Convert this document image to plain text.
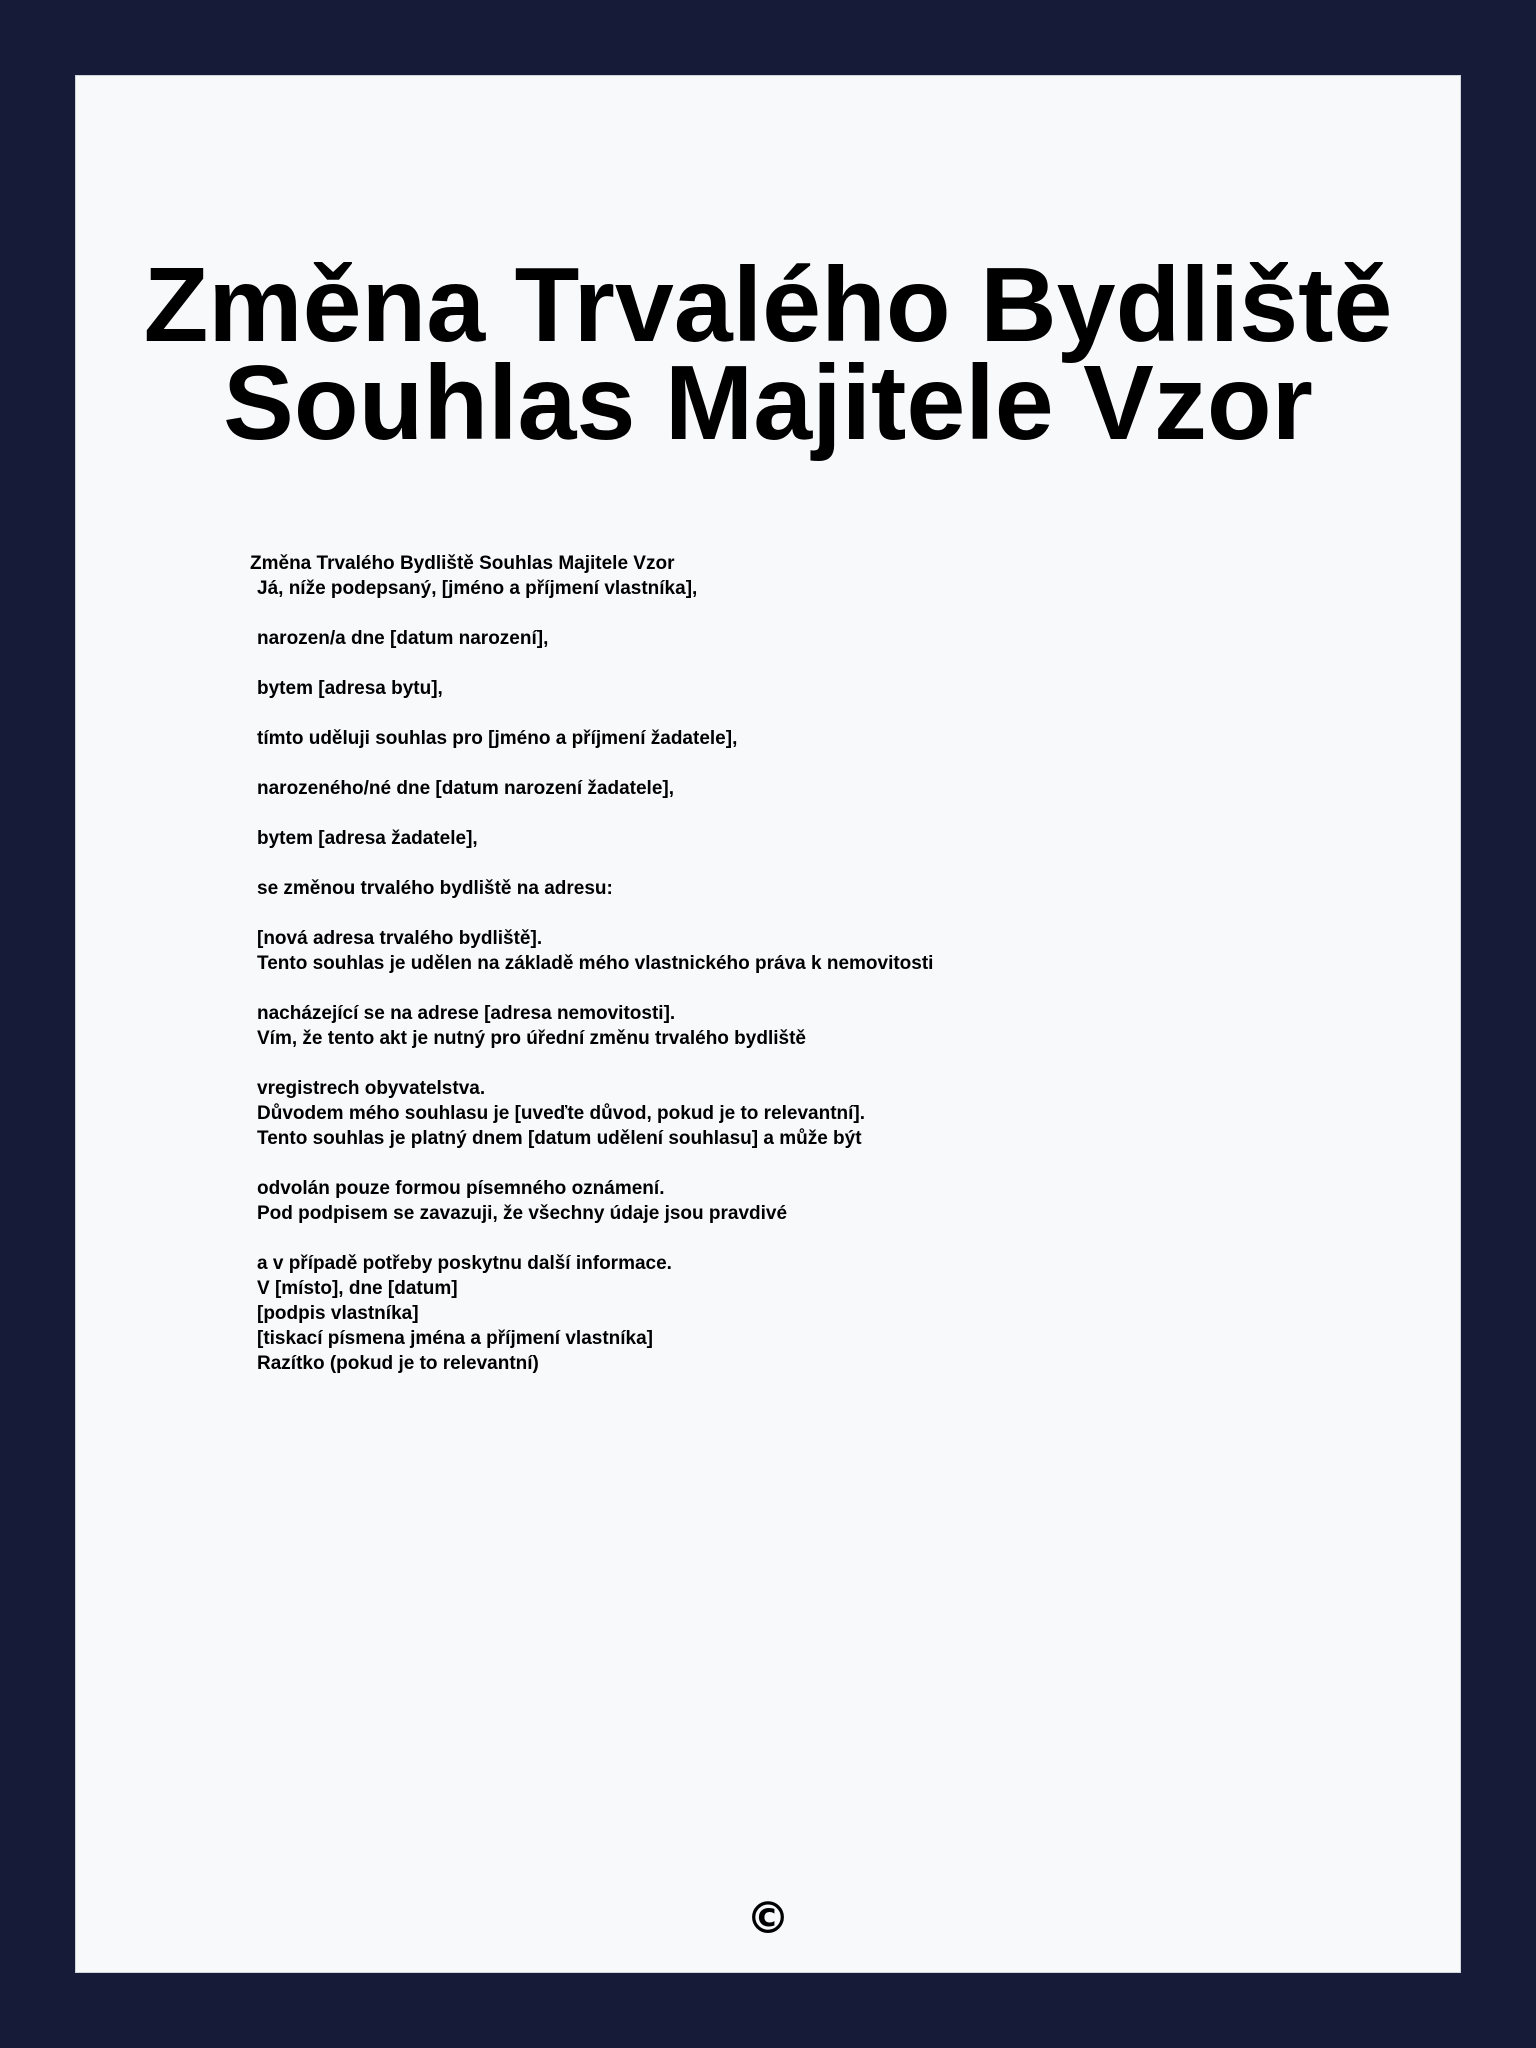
Změna Trvalého Bydliště
Souhlas Majitele Vzor
Změna Trvalého Bydliště Souhlas Majitele Vzor
Já, níže podepsaný, [jméno a příjmení vlastníka],
narozen/a dne [datum narození],
bytem [adresa bytu],
tímto uděluji souhlas pro [jméno a příjmení žadatele],
narozeného/né dne [datum narození žadatele],
bytem [adresa žadatele],
se změnou trvalého bydliště na adresu:
[nová adresa trvalého bydliště].
Tento souhlas je udělen na základě mého vlastnického práva k nemovitosti
nacházející se na adrese [adresa nemovitosti].
Vím, že tento akt je nutný pro úřední změnu trvalého bydliště
vregistrech obyvatelstva.
Důvodem mého souhlasu je [uveďte důvod, pokud je to relevantní].
Tento souhlas je platný dnem [datum udělení souhlasu] a může být
odvolán pouze formou písemného oznámení.
Pod podpisem se zavazuji, že všechny údaje jsou pravdivé
a v případě potřeby poskytnu další informace.
V [místo], dne [datum]
[podpis vlastníka]
[tiskací písmena jména a příjmení vlastníka]
Razítko (pokud je to relevantní)
©
